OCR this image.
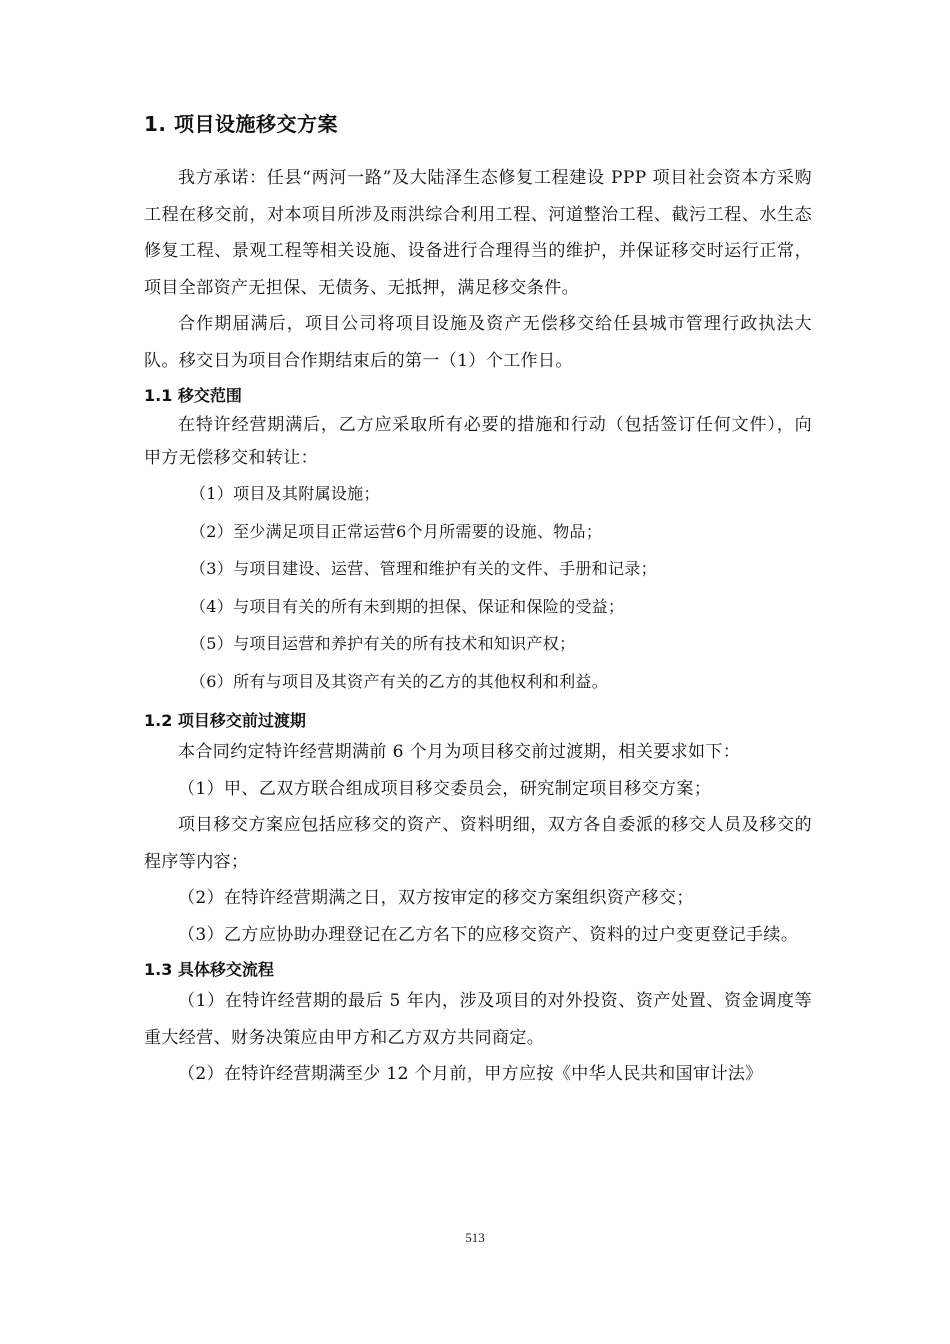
1. 项目设施移交方案

我方承诺：任县“两河一路”及大陆泽生态修复工程建设 PPP 项目社会资本方采购工程在移交前，对本项目所涉及雨洪综合利用工程、河道整治工程、截污工程、水生态修复工程、景观工程等相关设施、设备进行合理得当的维护，并保证移交时运行正常，项目全部资产无担保、无债务、无抵押，满足移交条件。

合作期届满后，项目公司将项目设施及资产无偿移交给任县城市管理行政执法大队。移交日为项目合作期结束后的第一（1）个工作日。

1.1 移交范围

在特许经营期满后，乙方应采取所有必要的措施和行动（包括签订任何文件），向甲方无偿移交和转让：

（1）项目及其附属设施；

（2）至少满足项目正常运营6个月所需要的设施、物品；

（3）与项目建设、运营、管理和维护有关的文件、手册和记录；

（4）与项目有关的所有未到期的担保、保证和保险的受益；

（5）与项目运营和养护有关的所有技术和知识产权；

（6）所有与项目及其资产有关的乙方的其他权利和利益。

1.2 项目移交前过渡期

本合同约定特许经营期满前 6 个月为项目移交前过渡期，相关要求如下：

（1）甲、乙双方联合组成项目移交委员会，研究制定项目移交方案；

项目移交方案应包括应移交的资产、资料明细，双方各自委派的移交人员及移交的程序等内容；

（2）在特许经营期满之日，双方按审定的移交方案组织资产移交；

（3）乙方应协助办理登记在乙方名下的应移交资产、资料的过户变更登记手续。

1.3 具体移交流程

（1）在特许经营期的最后 5 年内，涉及项目的对外投资、资产处置、资金调度等重大经营、财务决策应由甲方和乙方双方共同商定。

（2）在特许经营期满至少 12 个月前，甲方应按《中华人民共和国审计法》

513
